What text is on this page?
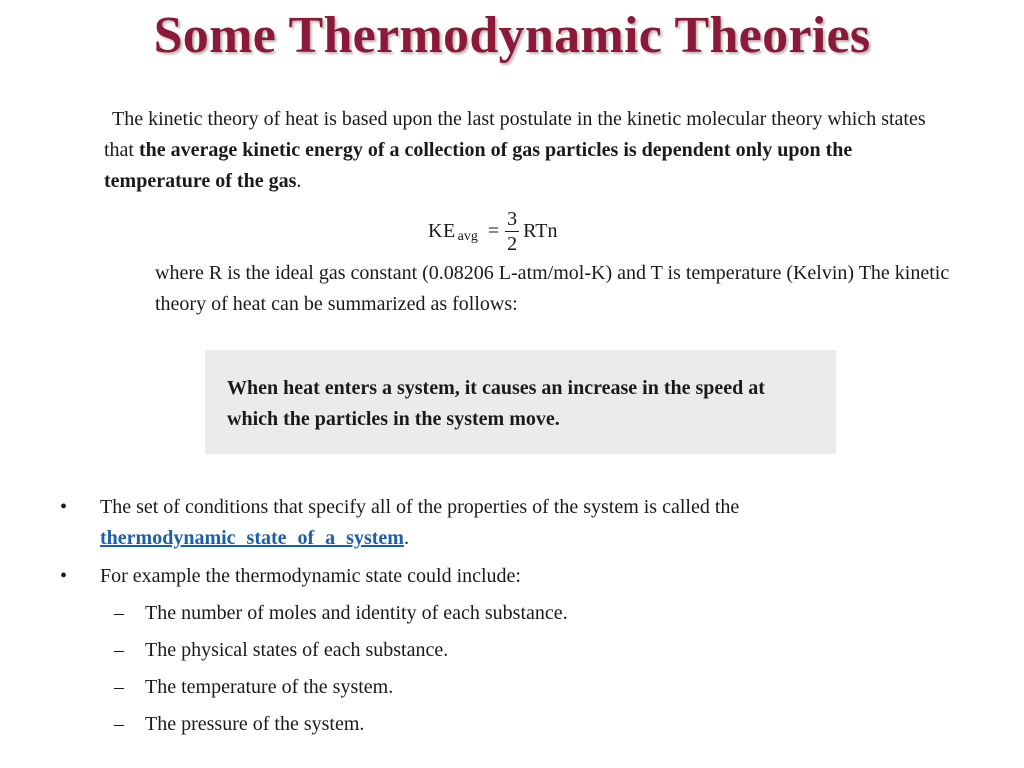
Some Thermodynamic Theories

The kinetic theory of heat is based upon the last postulate in the kinetic molecular theory which states that the average kinetic energy of a collection of gas particles is dependent only upon the temperature of the gas.

KE avg = $\frac{3}{2}$ RTn

where R is the ideal gas constant (0.08206 L-atm/mol-K) and T is temperature (Kelvin) The kinetic theory of heat can be summarized as follows:

When heat enters a system, it causes an increase in the speed at which the particles in the system move.
• The set of conditions that specify all of the properties of the system is called the
thermodynamic state of a system.
• For example the thermodynamic state could include:
– The number of moles and identity of each substance.
– The physical states of each substance.
– The temperature of the system.
– The pressure of the system.
